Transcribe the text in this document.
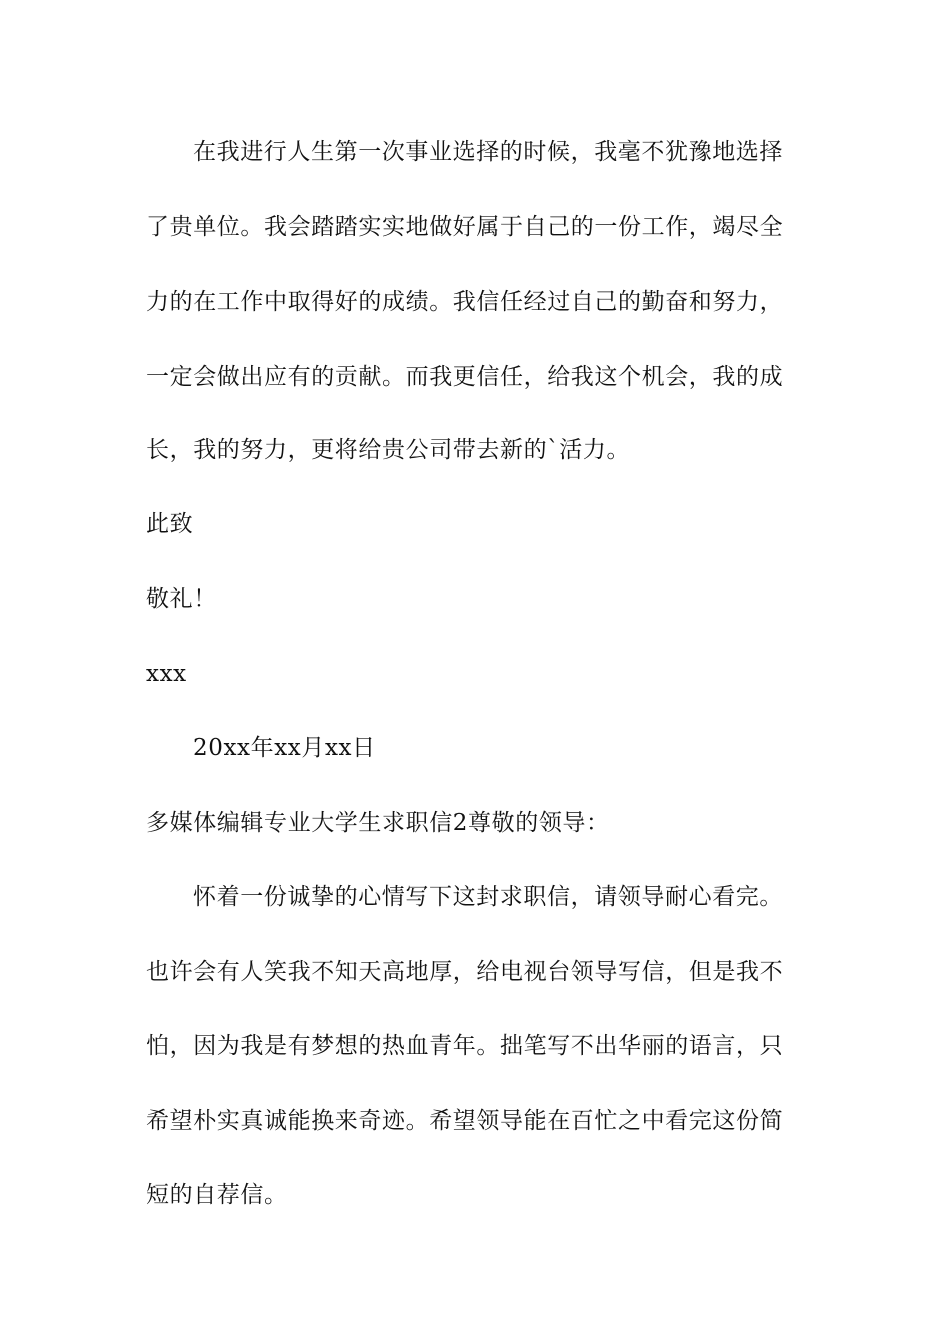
在我进行人生第一次事业选择的时候，我毫不犹豫地选择
了贵单位。我会踏踏实实地做好属于自己的一份工作，竭尽全
力的在工作中取得好的成绩。我信任经过自己的勤奋和努力，
一定会做出应有的贡献。而我更信任，给我这个机会，我的成
长，我的努力，更将给贵公司带去新的`活力。
此致
敬礼！
xxx
20xx年xx月xx日
多媒体编辑专业大学生求职信2尊敬的领导：
怀着一份诚挚的心情写下这封求职信，请领导耐心看完。
也许会有人笑我不知天高地厚，给电视台领导写信，但是我不
怕，因为我是有梦想的热血青年。拙笔写不出华丽的语言，只
希望朴实真诚能换来奇迹。希望领导能在百忙之中看完这份简
短的自荐信。
